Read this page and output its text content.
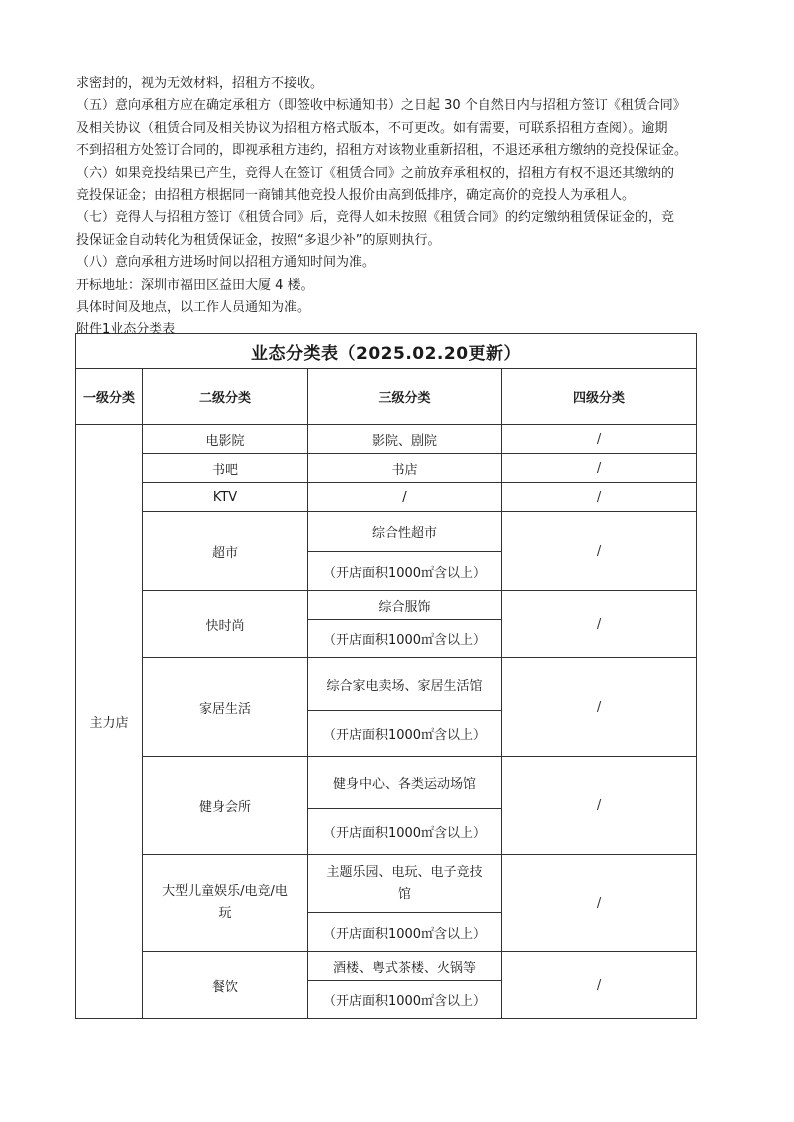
求密封的，视为无效材料，招租方不接收。

（五）意向承租方应在确定承租方（即签收中标通知书）之日起 30 个自然日内与招租方签订《租赁合同》

及相关协议（租赁合同及相关协议为招租方格式版本，不可更改。如有需要，可联系招租方查阅）。逾期

不到招租方处签订合同的，即视承租方违约，招租方对该物业重新招租，不退还承租方缴纳的竞投保证金。

（六）如果竞投结果已产生，竞得人在签订《租赁合同》之前放弃承租权的，招租方有权不退还其缴纳的

竞投保证金；由招租方根据同一商铺其他竞投人报价由高到低排序，确定高价的竞投人为承租人。

（七）竞得人与招租方签订《租赁合同》后，竞得人如未按照《租赁合同》的约定缴纳租赁保证金的，竞

投保证金自动转化为租赁保证金，按照“多退少补”的原则执行。

（八）意向承租方进场时间以招租方通知时间为准。

开标地址：深圳市福田区益田大厦 4 楼。

具体时间及地点，以工作人员通知为准。

附件1业态分类表

业态分类表（2025.02.20更新）			
一级分类	二级分类	三级分类	四级分类
主力店	电影院	影院、剧院	/
	书吧	书店	/
	KTV	/	/
	超市	综合性超市	/
		（开店面积1000㎡含以上）	
	快时尚	综合服饰	/
		（开店面积1000㎡含以上）	
	家居生活	综合家电卖场、家居生活馆	/
		（开店面积1000㎡含以上）	
	健身会所	健身中心、各类运动场馆	/
		（开店面积1000㎡含以上）	
	大型儿童娱乐/电竞/电
玩	主题乐园、电玩、电子竞技
馆	/
		（开店面积1000㎡含以上）	
	餐饮	酒楼、粤式茶楼、火锅等	/
		（开店面积1000㎡含以上）	
